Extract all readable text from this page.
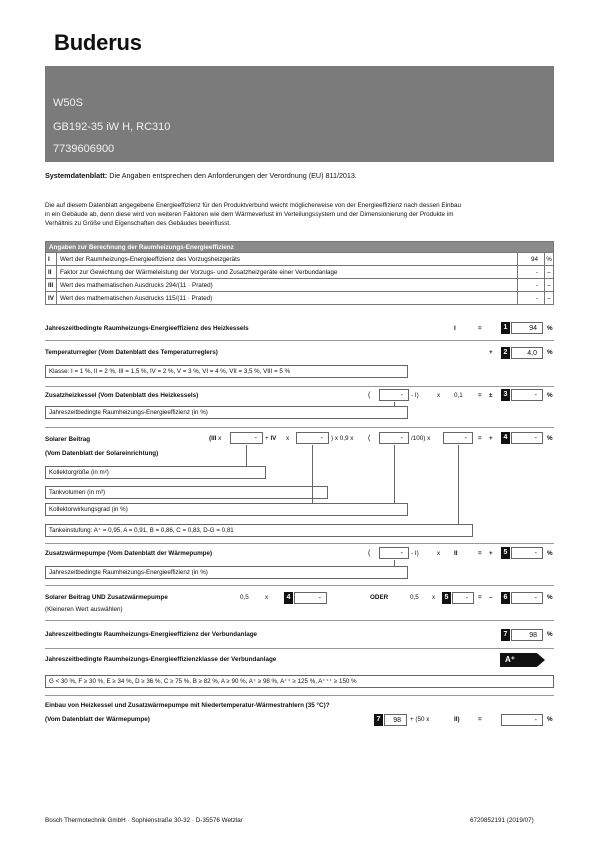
Buderus
W50S
GB192-35 iW H, RC310
7739606900
Systemdatenblatt: Die Angaben entsprechen den Anforderungen der Verordnung (EU) 811/2013.
Die auf diesem Datenblatt angegebene Energieeffizienz für den Produktverbund weicht möglicherweise von der Energieeffizienz nach dessen Einbau
in ein Gebäude ab, denn diese wird von weiteren Faktoren wie dem Wärmeverlust im Verteilungssystem und der Dimensionierung der Produkte im
Verhältnis zu Größe und Eigenschaften des Gebäudes beeinflusst.
Angaben zur Berechnung der Raumheizungs-Energieeffizienz			
I	Wert der Raumheizungs-Energieeffizienz des Vorzugsheizgeräts	94	%
II	Faktor zur Gewichtung der Wärmeleistung der Vorzugs- und Zusatzheizgeräte einer Verbundanlage	-	–
III	Wert des mathematischen Ausdrucks 294/(11 · Prated)	-	–
IV	Wert des mathematischen Ausdrucks 115/(11 · Prated)	-	–
Jahreszeitbedingte Raumheizungs-Energieeffizienz des Heizkessels	I	=	1	94	%
Temperaturregler (Vom Datenblatt des Temperaturreglers)	+	2	4,0	%
Klasse: I = 1 %, II = 2 %, III = 1,5 %, IV = 2 %, V = 3 %, VI = 4 %, VII = 3,5 %, VIII = 5 %
Zusatzheizkessel (Vom Datenblatt des Heizkessels)	(	-	- I)	x 0,1 = ±	3	-	%
Jahreszeitbedingte Raumheizungs-Energieeffizienz (in %)
Solarer Beitrag
(Vom Datenblatt der Solareinrichtung)
(III x	-	+ IV x	-	) x 0,9 x (	-	/100) x	-	= +	4	-	%
Kollektorgröße (in m²)
Tankvolumen (in m³)
Kollektorwirkungsgrad (in %)
Tankeinstufung: A⁺ = 0,95, A = 0,91, B = 0,86, C = 0,83, D-G = 0,81
Zusatzwärmepumpe (Vom Datenblatt der Wärmepumpe)	(	-	- I)	x II	= +	5	-	%
Jahreszeitbedingte Raumheizungs-Energieeffizienz (in %)
Solarer Beitrag UND Zusatzwärmepumpe
(Kleineren Wert auswählen)
0,5	x	4	-	ODER	0,5 x	5	-	= –	6	-	%
Jahreszeitbedingte Raumheizungs-Energieeffizienz der Verbundanlage	7	98	%
Jahreszeitbedingte Raumheizungs-Energieeffizienzklasse der Verbundanlage	A⁺
G < 30 %, F ≥ 30 %, E ≥ 34 %, D ≥ 36 %, C ≥ 75 %, B ≥ 82 %, A ≥ 90 %, A⁺ ≥ 98 %, A⁺⁺ ≥ 125 %, A⁺⁺⁺ ≥ 150 %
Einbau von Heizkessel und Zusatzwärmepumpe mit Niedertemperatur-Wärmestrahlern (35 °C)?
(Vom Datenblatt der Wärmepumpe)	7	98	+ (50 x	II)	=	-	%
Bosch Thermotechnik GmbH · Sophienstraße 30-32 · D-35576 Wetzlar	6720852191 (2019/07)
